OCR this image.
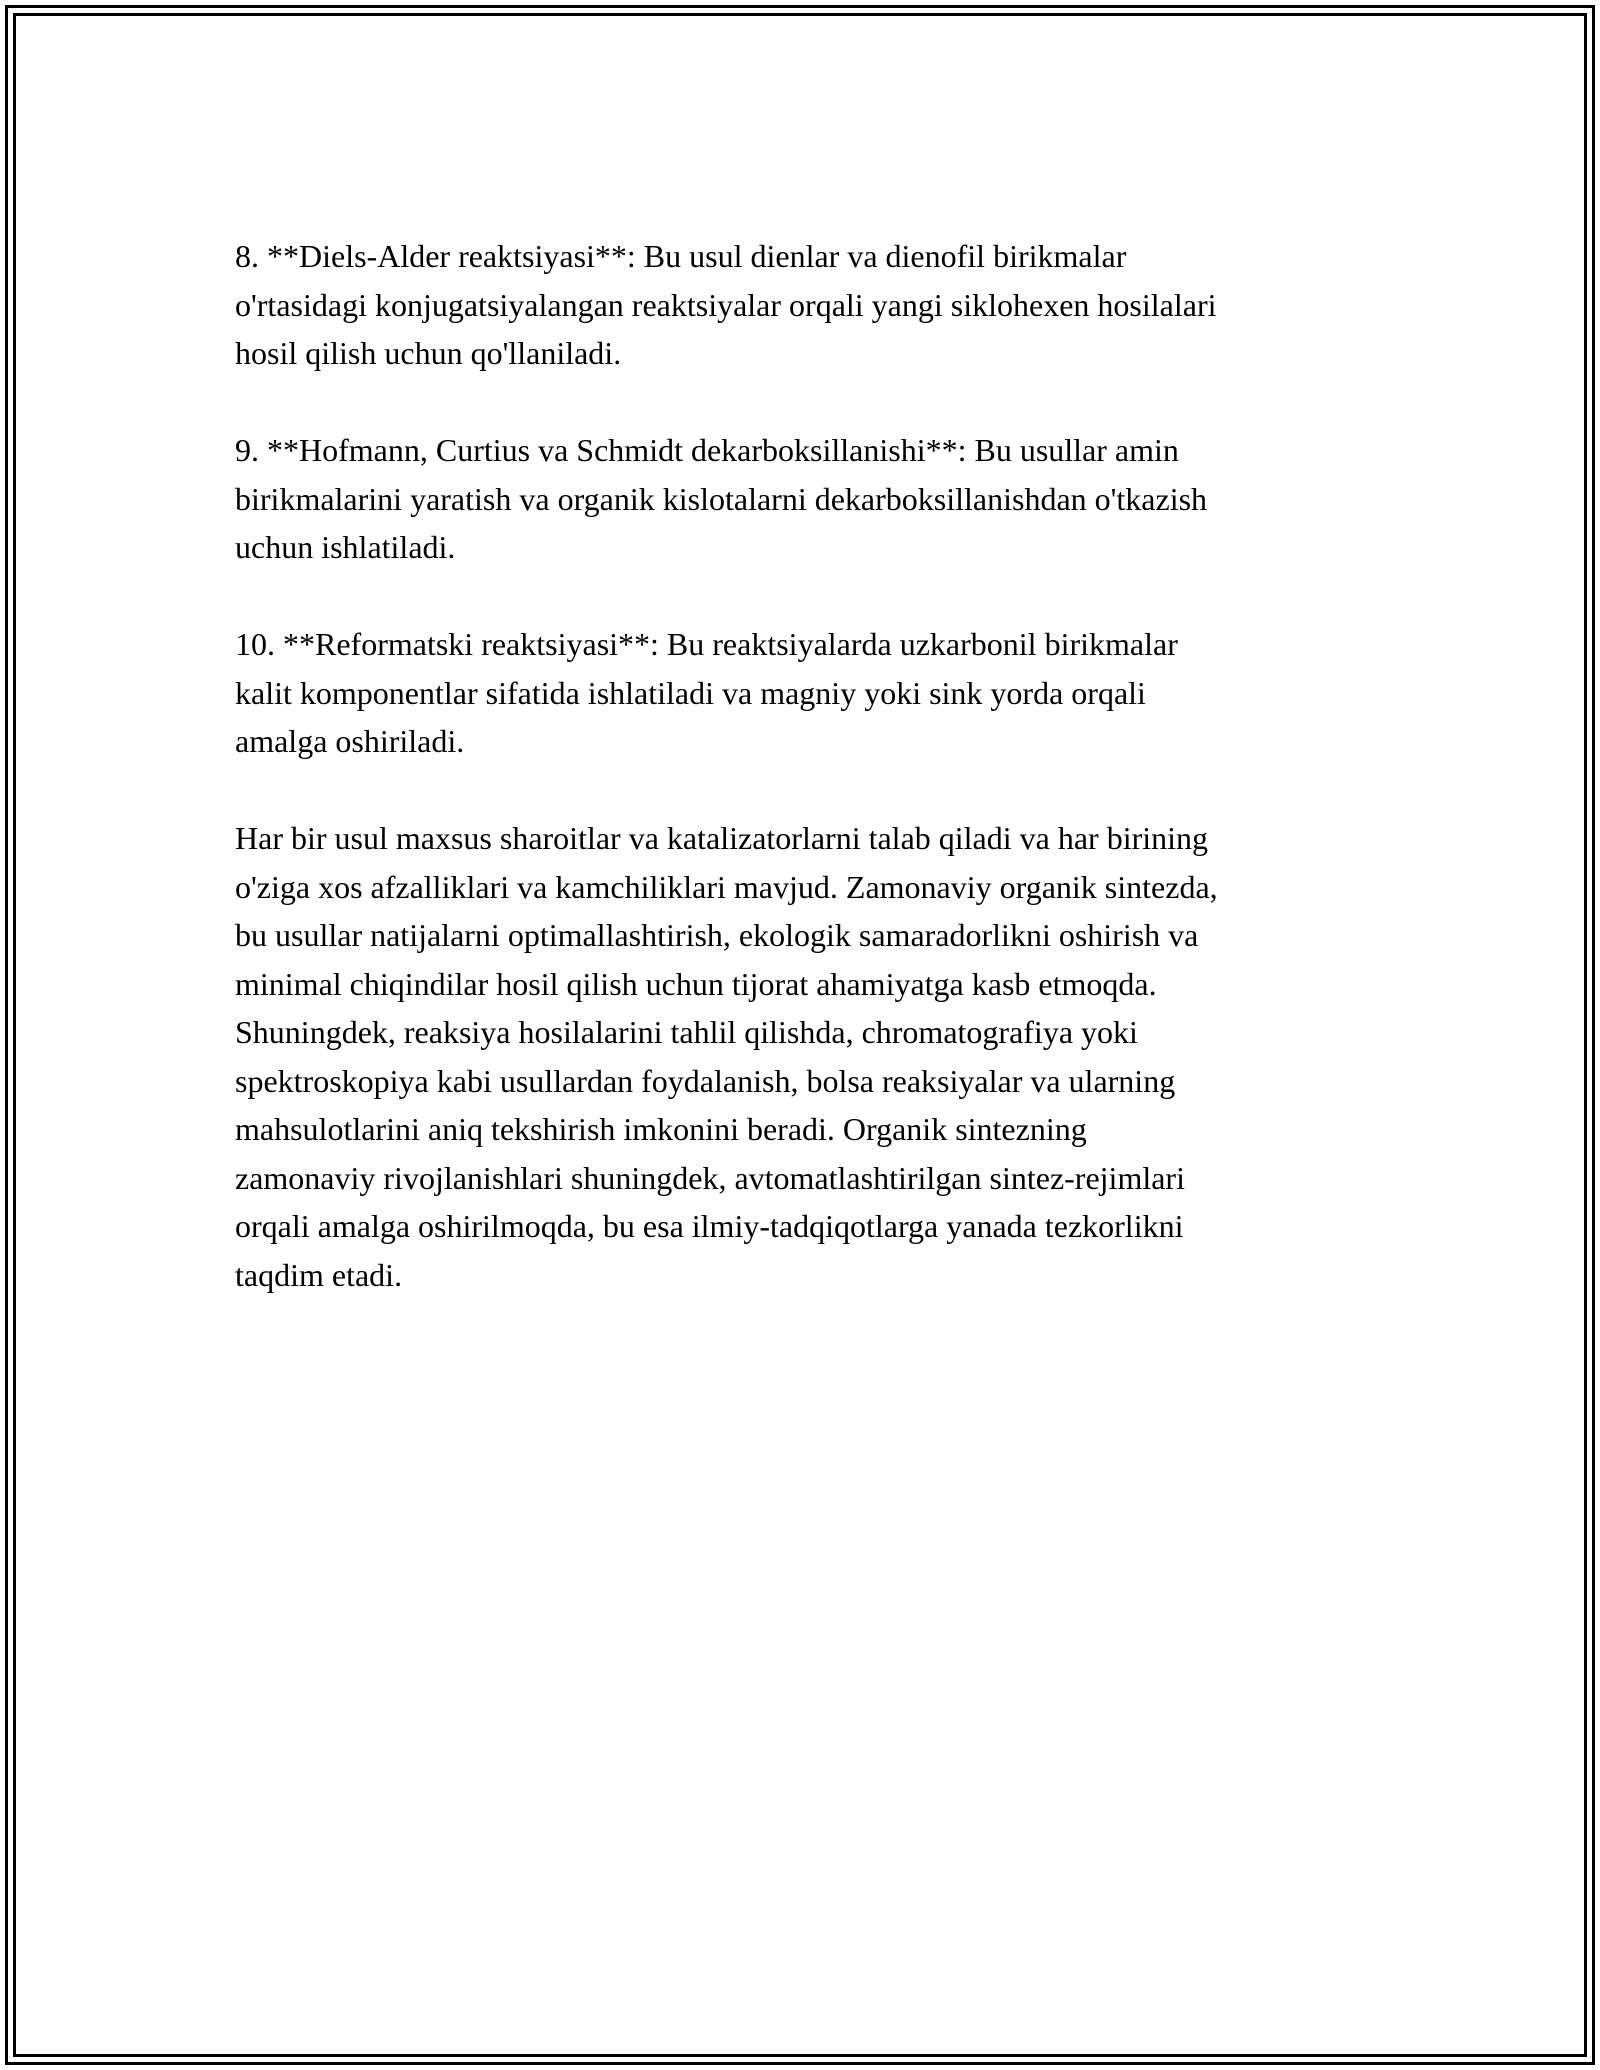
8. **Diels-Alder reaktsiyasi**: Bu usul dienlar va dienofil birikmalar
o'rtasidagi konjugatsiyalangan reaktsiyalar orqali yangi siklohexen hosilalari
hosil qilish uchun qo'llaniladi.

9. **Hofmann, Curtius va Schmidt dekarboksillanishi**: Bu usullar amin
birikmalarini yaratish va organik kislotalarni dekarboksillanishdan o'tkazish
uchun ishlatiladi.

10. **Reformatski reaktsiyasi**: Bu reaktsiyalarda uzkarbonil birikmalar
kalit komponentlar sifatida ishlatiladi va magniy yoki sink yorda orqali
amalga oshiriladi.

Har bir usul maxsus sharoitlar va katalizatorlarni talab qiladi va har birining
o'ziga xos afzalliklari va kamchiliklari mavjud. Zamonaviy organik sintezda,
bu usullar natijalarni optimallashtirish, ekologik samaradorlikni oshirish va
minimal chiqindilar hosil qilish uchun tijorat ahamiyatga kasb etmoqda.
Shuningdek, reaksiya hosilalarini tahlil qilishda, chromatografiya yoki
spektroskopiya kabi usullardan foydalanish, bolsa reaksiyalar va ularning
mahsulotlarini aniq tekshirish imkonini beradi. Organik sintezning
zamonaviy rivojlanishlari shuningdek, avtomatlashtirilgan sintez-rejimlari
orqali amalga oshirilmoqda, bu esa ilmiy-tadqiqotlarga yanada tezkorlikni
taqdim etadi.
